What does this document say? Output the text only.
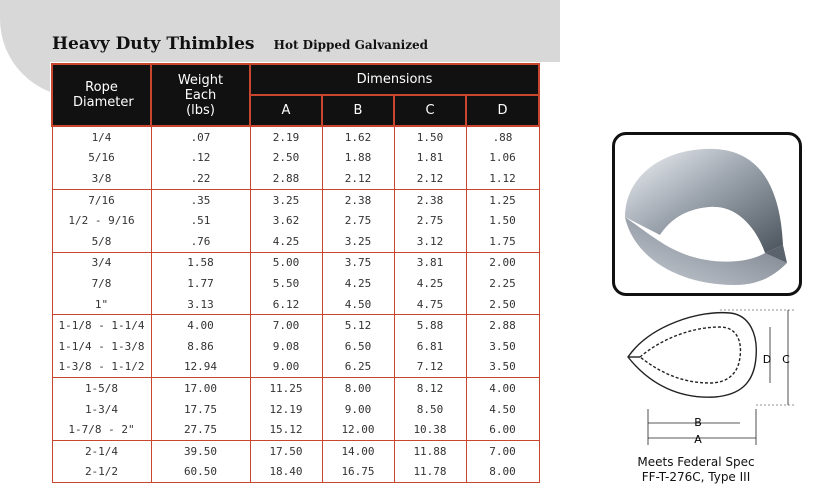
Heavy Duty Thimbles Hot Dipped Galvanized
Rope Diameter	Weight Each (lbs)	Dimensions			
		A	B	C	D
1/4	.07	2.19	1.62	1.50	.88
5/16	.12	2.50	1.88	1.81	1.06
3/8	.22	2.88	2.12	2.12	1.12
7/16	.35	3.25	2.38	2.38	1.25
1/2 - 9/16	.51	3.62	2.75	2.75	1.50
5/8	.76	4.25	3.25	3.12	1.75
3/4	1.58	5.00	3.75	3.81	2.00
7/8	1.77	5.50	4.25	4.25	2.25
1"	3.13	6.12	4.50	4.75	2.50
1-1/8 - 1-1/4	4.00	7.00	5.12	5.88	2.88
1-1/4 - 1-3/8	8.86	9.08	6.50	6.81	3.50
1-3/8 - 1-1/2	12.94	9.00	6.25	7.12	3.50
1-5/8	17.00	11.25	8.00	8.12	4.00
1-3/4	17.75	12.19	9.00	8.50	4.50
1-7/8 - 2"	27.75	15.12	12.00	10.38	6.00
2-1/4	39.50	17.50	14.00	11.88	7.00
2-1/2	60.50	18.40	16.75	11.78	8.00
B
A
D C
Meets Federal Spec
FF-T-276C, Type III
